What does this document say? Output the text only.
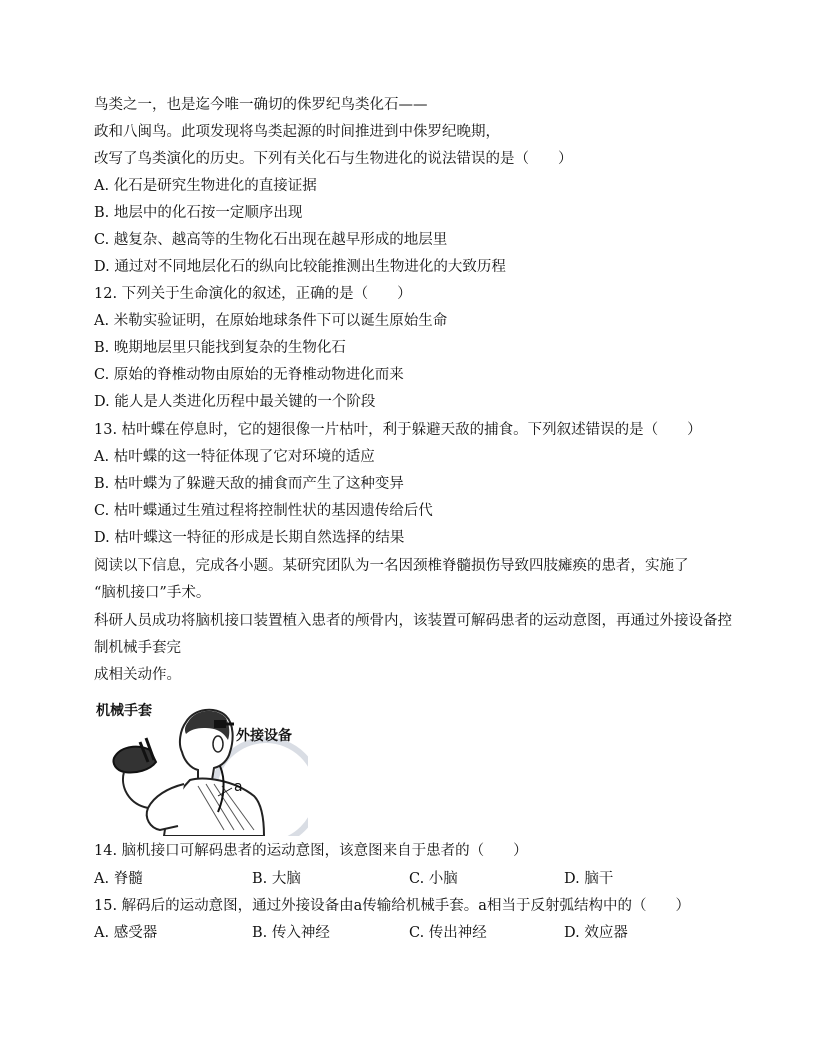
鸟类之一，也是迄今唯一确切的侏罗纪鸟类化石——
政和八闽鸟。此项发现将鸟类起源的时间推进到中侏罗纪晚期，
改写了鸟类演化的历史。下列有关化石与生物进化的说法错误的是（　　）
A. 化石是研究生物进化的直接证据
B. 地层中的化石按一定顺序出现
C. 越复杂、越高等的生物化石出现在越早形成的地层里
D. 通过对不同地层化石的纵向比较能推测出生物进化的大致历程
12. 下列关于生命演化的叙述，正确的是（　　）
A. 米勒实验证明，在原始地球条件下可以诞生原始生命
B. 晚期地层里只能找到复杂的生物化石
C. 原始的脊椎动物由原始的无脊椎动物进化而来
D. 能人是人类进化历程中最关键的一个阶段
13. 枯叶蝶在停息时，它的翅很像一片枯叶，利于躲避天敌的捕食。下列叙述错误的是（　　）
A. 枯叶蝶的这一特征体现了它对环境的适应
B. 枯叶蝶为了躲避天敌的捕食而产生了这种变异
C. 枯叶蝶通过生殖过程将控制性状的基因遗传给后代
D. 枯叶蝶这一特征的形成是长期自然选择的结果
阅读以下信息，完成各小题。某研究团队为一名因颈椎脊髓损伤导致四肢瘫痪的患者，实施了
“脑机接口”手术。
科研人员成功将脑机接口装置植入患者的颅骨内，该装置可解码患者的运动意图，再通过外接设备控
制机械手套完
成相关动作。
机械手套
外接设备
a
14. 脑机接口可解码患者的运动意图，该意图来自于患者的（　　）
A. 脊髓	B. 大脑	C. 小脑	D. 脑干
15. 解码后的运动意图，通过外接设备由a传输给机械手套。a相当于反射弧结构中的（　　）
A. 感受器	B. 传入神经	C. 传出神经	D. 效应器
